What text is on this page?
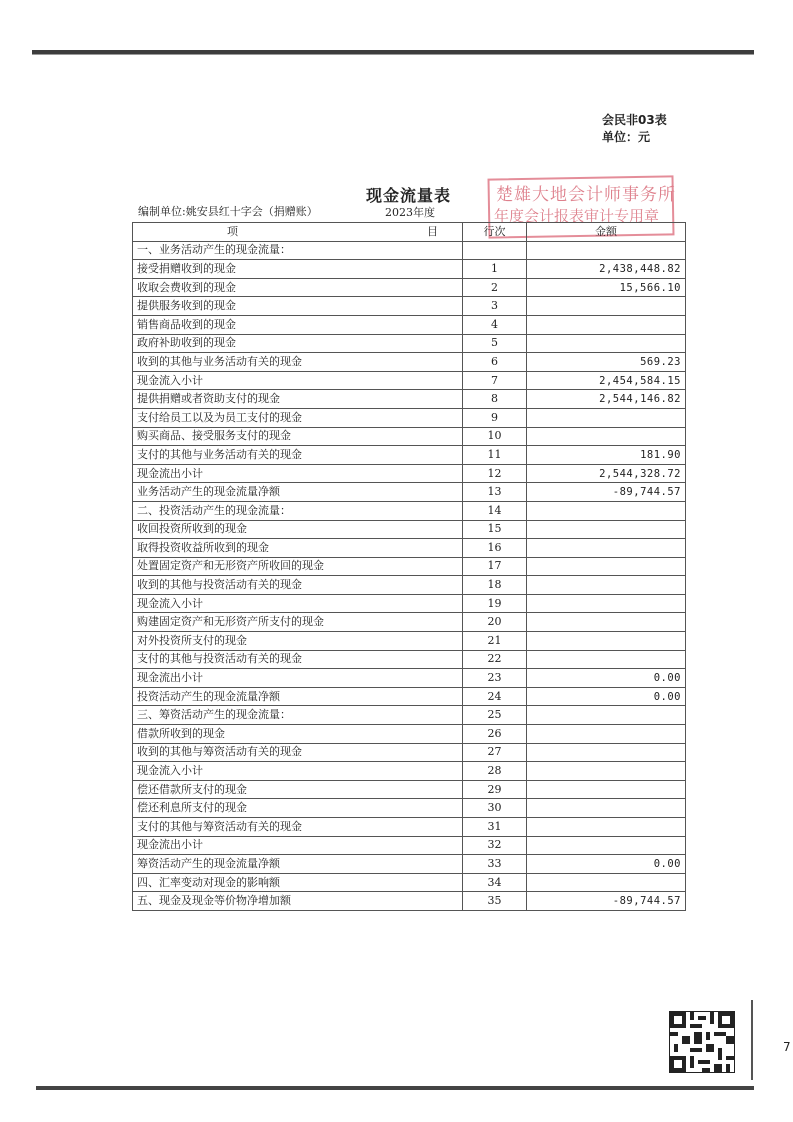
会民非03表
单位：元
现金流量表
2023年度
编制单位:姚安县红十字会（捐赠账）
楚雄大地会计师事务所
年度会计报表审计专用章
项 目	行次	金额
一、业务活动产生的现金流量：		
接受捐赠收到的现金	1	2,438,448.82
收取会费收到的现金	2	15,566.10
提供服务收到的现金	3	
销售商品收到的现金	4	
政府补助收到的现金	5	
收到的其他与业务活动有关的现金	6	569.23
现金流入小计	7	2,454,584.15
提供捐赠或者资助支付的现金	8	2,544,146.82
支付给员工以及为员工支付的现金	9	
购买商品、接受服务支付的现金	10	
支付的其他与业务活动有关的现金	11	181.90
现金流出小计	12	2,544,328.72
业务活动产生的现金流量净额	13	-89,744.57
二、投资活动产生的现金流量：	14	
收回投资所收到的现金	15	
取得投资收益所收到的现金	16	
处置固定资产和无形资产所收回的现金	17	
收到的其他与投资活动有关的现金	18	
现金流入小计	19	
购建固定资产和无形资产所支付的现金	20	
对外投资所支付的现金	21	
支付的其他与投资活动有关的现金	22	
现金流出小计	23	0.00
投资活动产生的现金流量净额	24	0.00
三、筹资活动产生的现金流量：	25	
借款所收到的现金	26	
收到的其他与筹资活动有关的现金	27	
现金流入小计	28	
偿还借款所支付的现金	29	
偿还利息所支付的现金	30	
支付的其他与筹资活动有关的现金	31	
现金流出小计	32	
筹资活动产生的现金流量净额	33	0.00
四、汇率变动对现金的影响额	34	
五、现金及现金等价物净增加额	35	-89,744.57
7
